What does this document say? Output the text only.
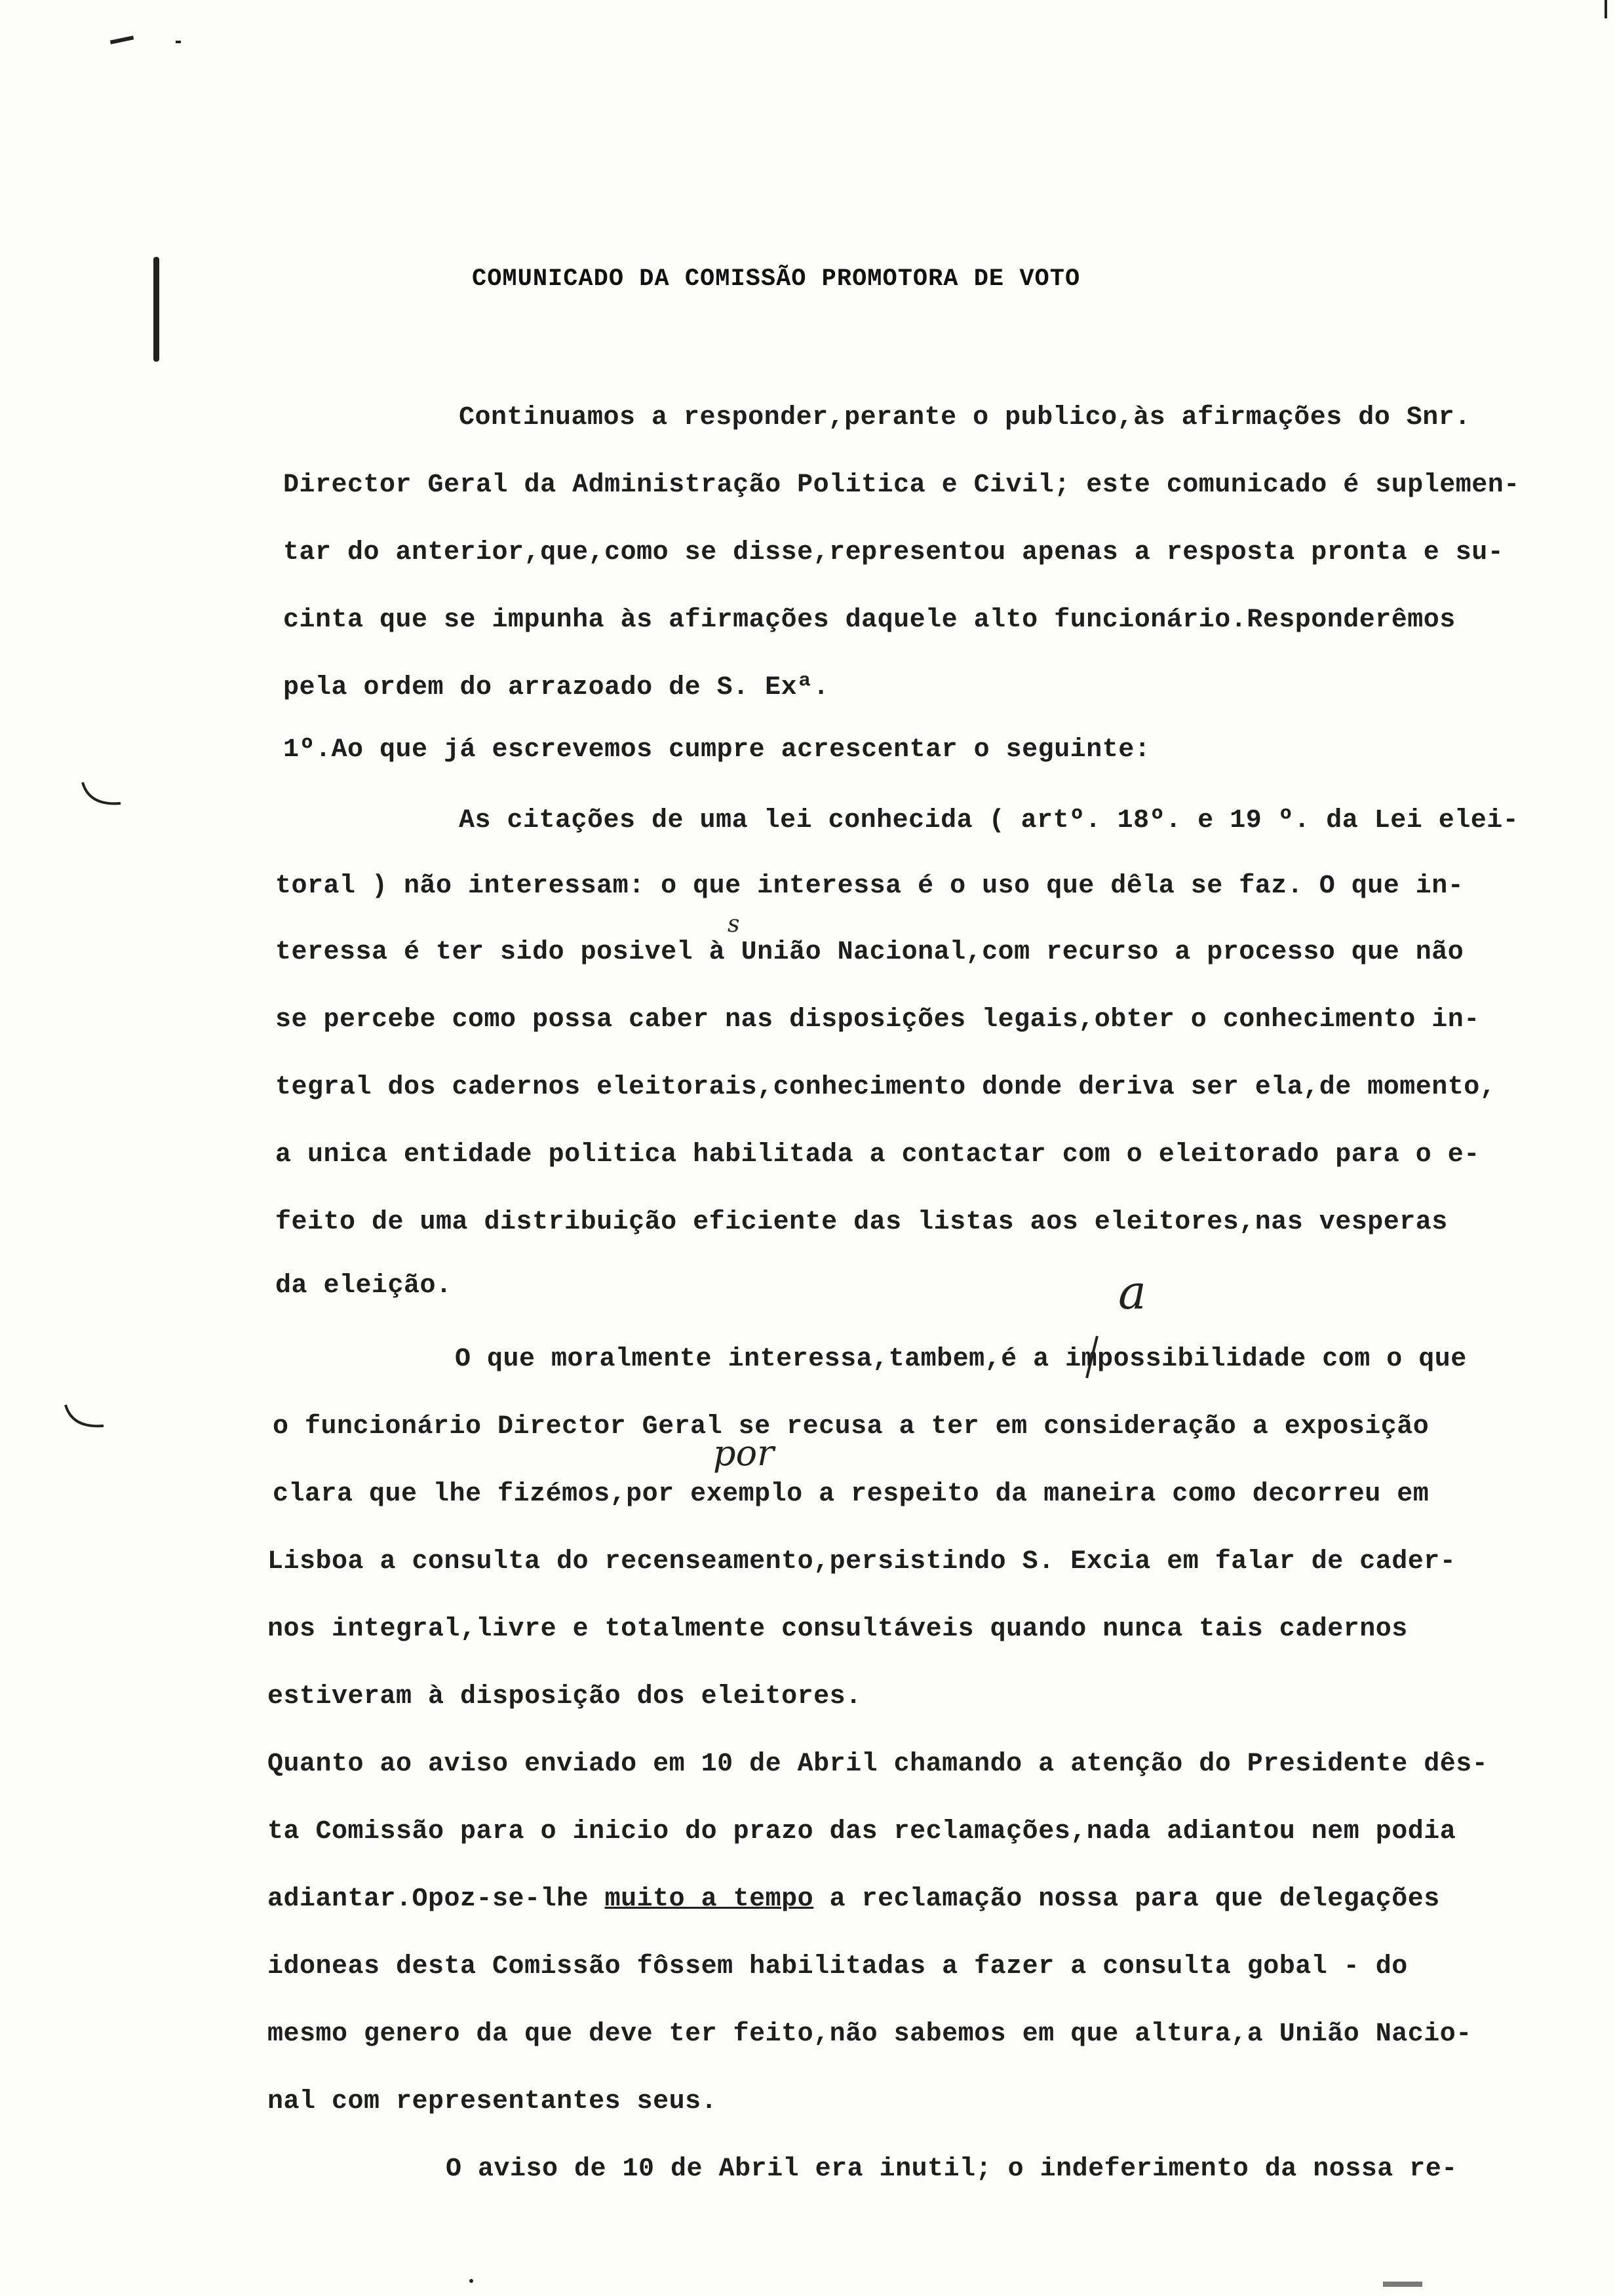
COMUNICADO DA COMISSÃO PROMOTORA DE VOTO
Continuamos a responder,perante o publico,às afirmações do Snr.
Director Geral da Administração Politica e Civil; este comunicado é suplemen-
tar do anterior,que,como se disse,representou apenas a resposta pronta e su-
cinta que se impunha às afirmações daquele alto funcionário.Responderêmos
pela ordem do arrazoado de S. Exª.
1º.Ao que já escrevemos cumpre acrescentar o seguinte:
As citações de uma lei conhecida ( artº. 18º. e 19 º. da Lei elei-
toral ) não interessam: o que interessa é o uso que dêla se faz. O que in-
teressa é ter sido posivel à União Nacional,com recurso a processo que não
se percebe como possa caber nas disposições legais,obter o conhecimento in-
tegral dos cadernos eleitorais,conhecimento donde deriva ser ela,de momento,
a unica entidade politica habilitada a contactar com o eleitorado para o e-
feito de uma distribuição eficiente das listas aos eleitores,nas vesperas
da eleição.	a
O que moralmente interessa,tambem,é a impossibilidade com o que
o funcionário Director Geral se recusa a ter em consideração a exposição
por
clara que lhe fizémos,por exemplo a respeito da maneira como decorreu em
Lisboa a consulta do recenseamento,persistindo S. Excia em falar de cader-
nos integral,livre e totalmente consultáveis quando nunca tais cadernos
estiveram à disposição dos eleitores.
Quanto ao aviso enviado em 10 de Abril chamando a atenção do Presidente dês-
ta Comissão para o inicio do prazo das reclamações,nada adiantou nem podia
adiantar.Opoz-se-lhe muito a tempo a reclamação nossa para que delegações
idoneas desta Comissão fôssem habilitadas a fazer a consulta gobal - do
mesmo genero da que deve ter feito,não sabemos em que altura,a União Nacio-
nal com representantes seus.
O aviso de 10 de Abril era inutil; o indeferimento da nossa re-
s
